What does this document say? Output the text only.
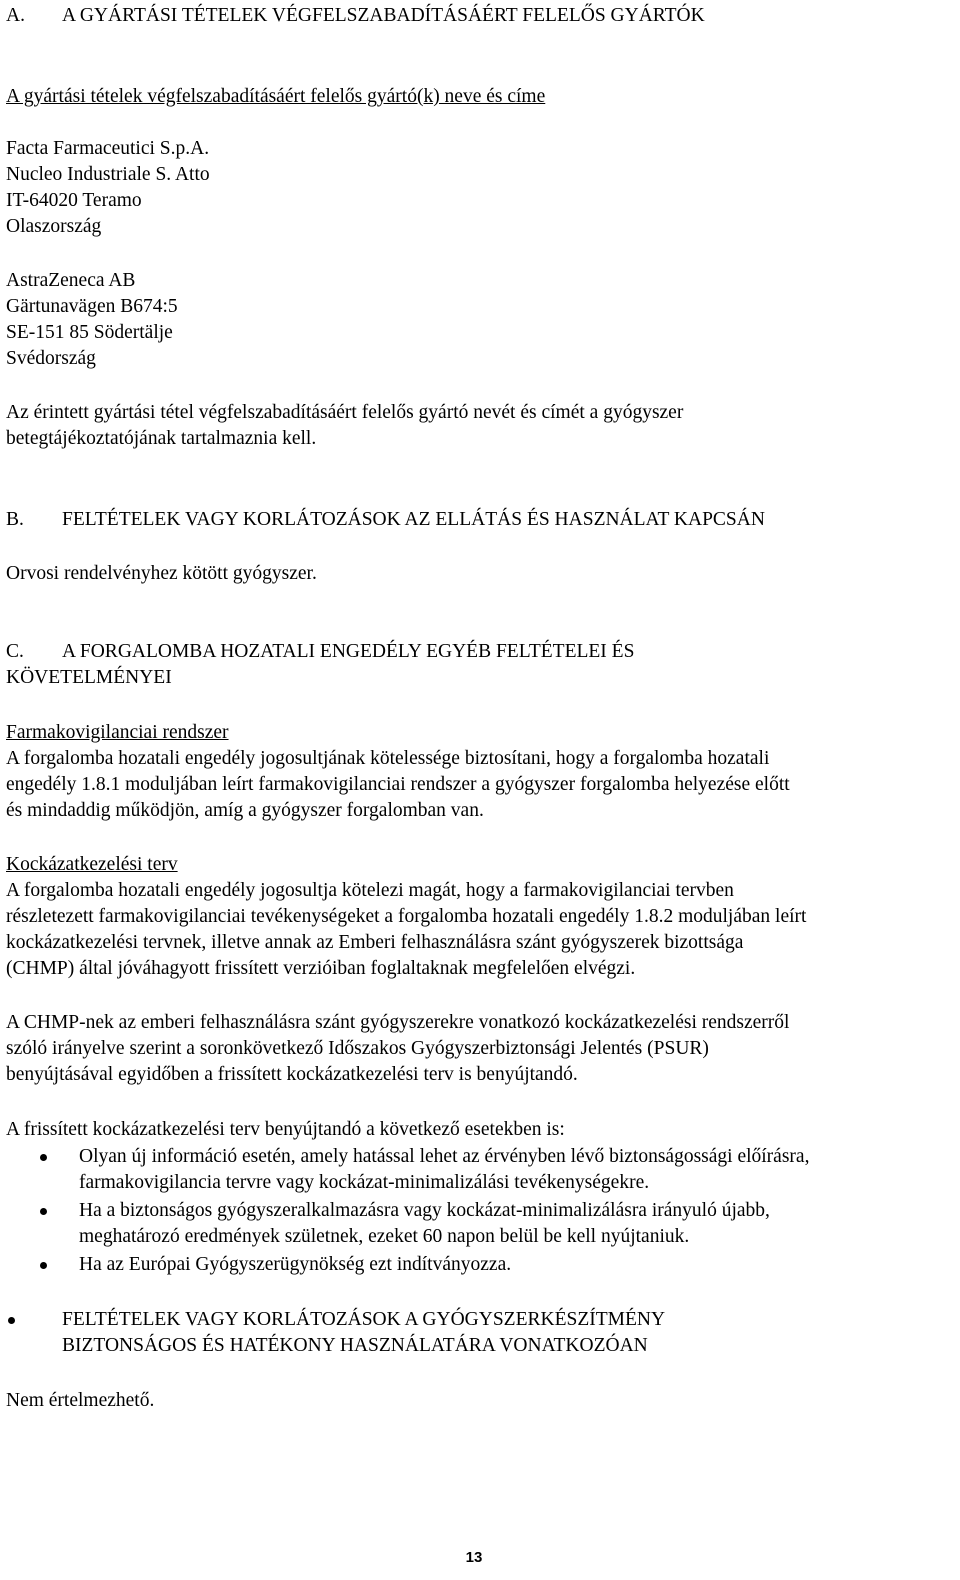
A. A GYÁRTÁSI TÉTELEK VÉGFELSZABADÍTÁSÁÉRT FELELŐS GYÁRTÓK
A gyártási tételek végfelszabadításáért felelős gyártó(k) neve és címe
Facta Farmaceutici S.p.A.
Nucleo Industriale S. Atto
IT-64020 Teramo
Olaszország
AstraZeneca AB
Gärtunavägen B674:5
SE-151 85 Södertälje
Svédország
Az érintett gyártási tétel végfelszabadításáért felelős gyártó nevét és címét a gyógyszer
betegtájékoztatójának tartalmaznia kell.
B. FELTÉTELEK VAGY KORLÁTOZÁSOK AZ ELLÁTÁS ÉS HASZNÁLAT KAPCSÁN
Orvosi rendelvényhez kötött gyógyszer.
C. A FORGALOMBA HOZATALI ENGEDÉLY EGYÉB FELTÉTELEI ÉS
KÖVETELMÉNYEI
Farmakovigilanciai rendszer
A forgalomba hozatali engedély jogosultjának kötelessége biztosítani, hogy a forgalomba hozatali
engedély 1.8.1 moduljában leírt farmakovigilanciai rendszer a gyógyszer forgalomba helyezése előtt
és mindaddig működjön, amíg a gyógyszer forgalomban van.
Kockázatkezelési terv
A forgalomba hozatali engedély jogosultja kötelezi magát, hogy a farmakovigilanciai tervben
részletezett farmakovigilanciai tevékenységeket a forgalomba hozatali engedély 1.8.2 moduljában leírt
kockázatkezelési tervnek, illetve annak az Emberi felhasználásra szánt gyógyszerek bizottsága
(CHMP) által jóváhagyott frissített verzióiban foglaltaknak megfelelően elvégzi.
A CHMP-nek az emberi felhasználásra szánt gyógyszerekre vonatkozó kockázatkezelési rendszerről
szóló irányelve szerint a soronkövetkező Időszakos Gyógyszerbiztonsági Jelentés (PSUR)
benyújtásával egyidőben a frissített kockázatkezelési terv is benyújtandó.
A frissített kockázatkezelési terv benyújtandó a következő esetekben is:
Olyan új információ esetén, amely hatással lehet az érvényben lévő biztonságossági előírásra,
farmakovigilancia tervre vagy kockázat-minimalizálási tevékenységekre.
Ha a biztonságos gyógyszeralkalmazásra vagy kockázat-minimalizálásra irányuló újabb,
meghatározó eredmények születnek, ezeket 60 napon belül be kell nyújtaniuk.
Ha az Európai Gyógyszerügynökség ezt indítványozza.
FELTÉTELEK VAGY KORLÁTOZÁSOK A GYÓGYSZERKÉSZÍTMÉNY
BIZTONSÁGOS ÉS HATÉKONY HASZNÁLATÁRA VONATKOZÓAN
Nem értelmezhető.
13
